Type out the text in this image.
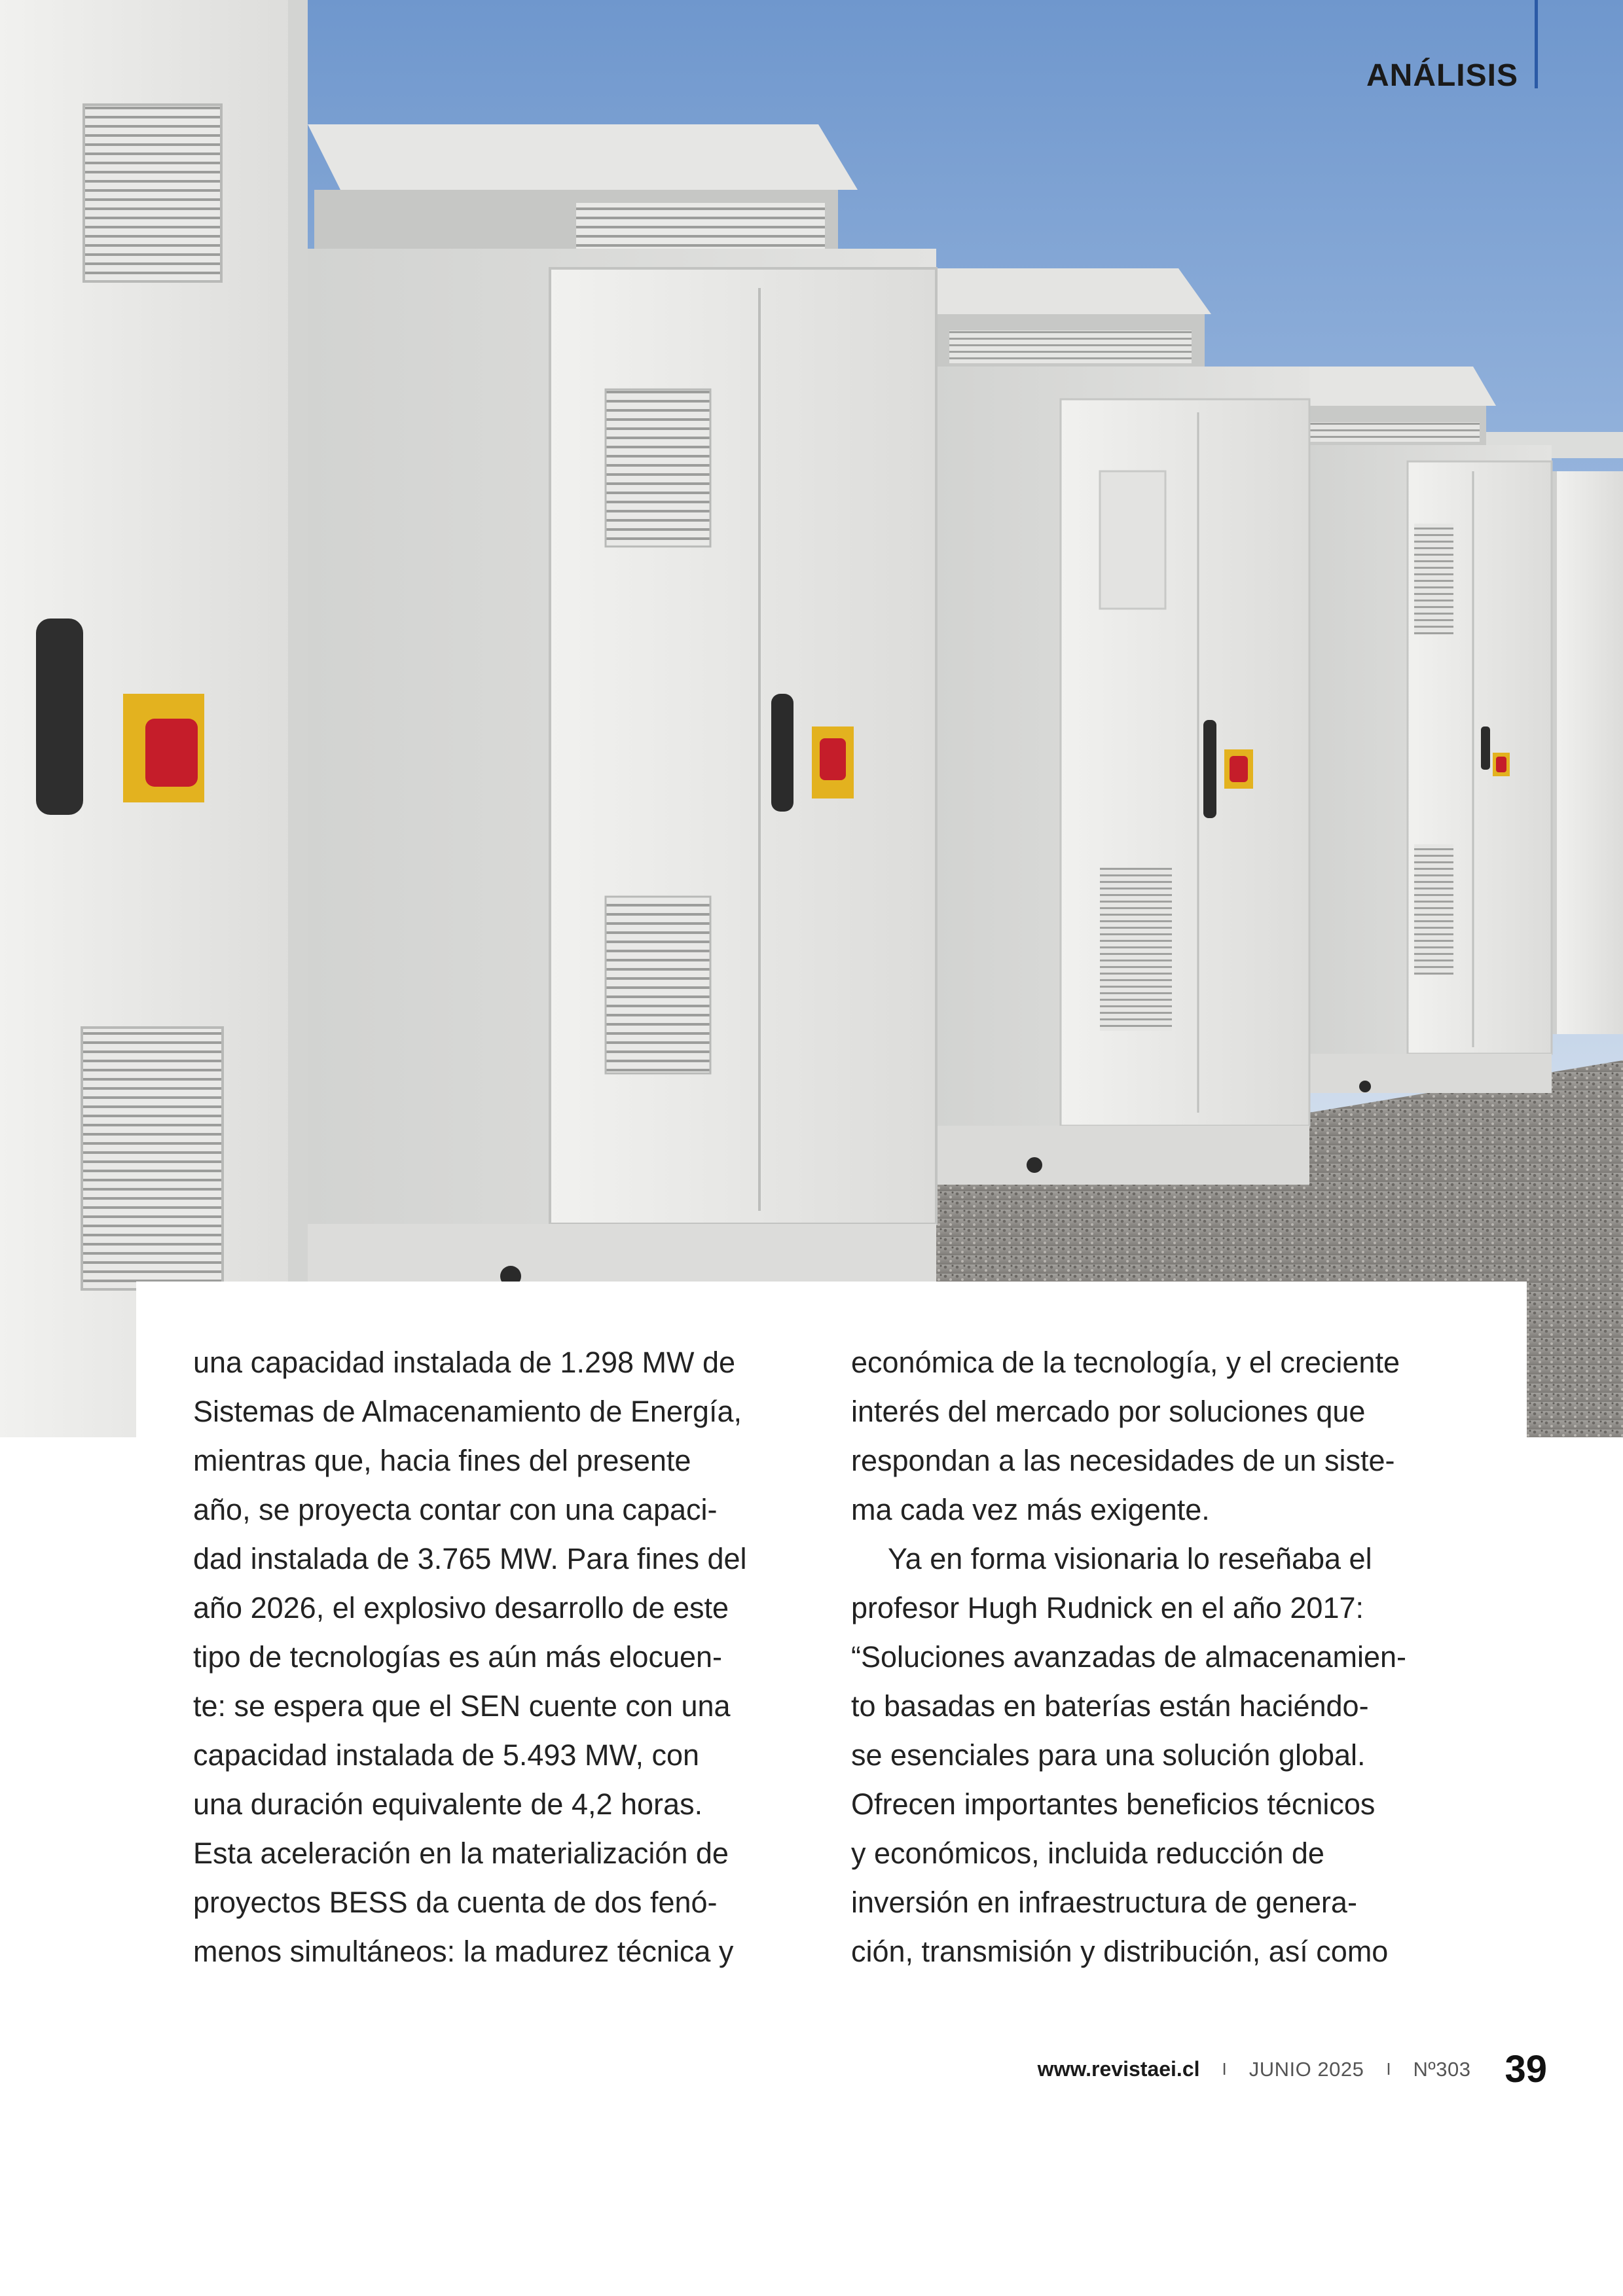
ANÁLISIS

una capacidad instalada de 1.298 MW de
Sistemas de Almacenamiento de Energía,
mientras que, hacia fines del presente
año, se proyecta contar con una capaci-
dad instalada de 3.765 MW. Para fines del
año 2026, el explosivo desarrollo de este
tipo de tecnologías es aún más elocuen-
te: se espera que el SEN cuente con una
capacidad instalada de 5.493 MW, con
una duración equivalente de 4,2 horas.
Esta aceleración en la materialización de
proyectos BESS da cuenta de dos fenó-
menos simultáneos: la madurez técnica y

económica de la tecnología, y el creciente
interés del mercado por soluciones que
respondan a las necesidades de un siste-
ma cada vez más exigente.

Ya en forma visionaria lo reseñaba el
profesor Hugh Rudnick en el año 2017:
“Soluciones avanzadas de almacenamien-
to basadas en baterías están haciéndo-
se esenciales para una solución global.
Ofrecen importantes beneficios técnicos
y económicos, incluida reducción de
inversión en infraestructura de genera-
ción, transmisión y distribución, así como

www.revistaei.cl I JUNIO 2025 I Nº303 39
